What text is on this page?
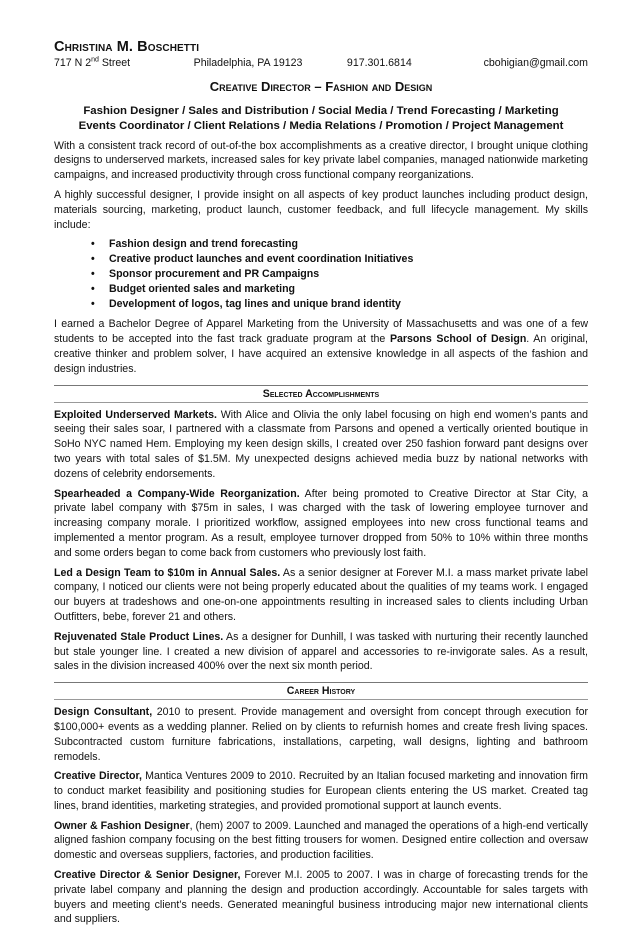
Christina M. Boschetti
717 N 2nd Street	Philadelphia, PA 19123	917.301.6814	cbohigian@gmail.com
Creative Director – Fashion and Design
Fashion Designer / Sales and Distribution / Social Media / Trend Forecasting / Marketing
Events Coordinator / Client Relations / Media Relations / Promotion / Project Management

With a consistent track record of out-of-the box accomplishments as a creative director, I brought unique clothing designs to underserved markets, increased sales for key private label companies, managed nationwide marketing campaigns, and increased productivity through cross functional company reorganizations.

A highly successful designer, I provide insight on all aspects of key product launches including product design, materials sourcing, marketing, product launch, customer feedback, and full lifecycle management. My skills include:

• Fashion design and trend forecasting
• Creative product launches and event coordination Initiatives
• Sponsor procurement and PR Campaigns
• Budget oriented sales and marketing
• Development of logos, tag lines and unique brand identity

I earned a Bachelor Degree of Apparel Marketing from the University of Massachusetts and was one of a few students to be accepted into the fast track graduate program at the Parsons School of Design. An original, creative thinker and problem solver, I have acquired an extensive knowledge in all aspects of the fashion and design industries.

Selected Accomplishments

Exploited Underserved Markets. With Alice and Olivia the only label focusing on high end women’s pants and seeing their sales soar, I partnered with a classmate from Parsons and opened a vertically oriented boutique in SoHo NYC named Hem. Employing my keen design skills, I created over 250 fashion forward pant designs over two years with total sales of $1.5M. My unexpected designs achieved media buzz by national networks with dozens of celebrity endorsements.

Spearheaded a Company-Wide Reorganization. After being promoted to Creative Director at Star City, a private label company with $75m in sales, I was charged with the task of lowering employee turnover and increasing company morale. I prioritized workflow, assigned employees into new cross functional teams and implemented a mentor program. As a result, employee turnover dropped from 50% to 10% within three months and some orders began to come back from customers who previously lost faith.

Led a Design Team to $10m in Annual Sales. As a senior designer at Forever M.I. a mass market private label company, I noticed our clients were not being properly educated about the qualities of my teams work. I engaged our buyers at tradeshows and one-on-one appointments resulting in increased sales to clients including Urban Outfitters, bebe, forever 21 and others.

Rejuvenated Stale Product Lines. As a designer for Dunhill, I was tasked with nurturing their recently launched but stale younger line. I created a new division of apparel and accessories to re-invigorate sales. As a result, sales in the division increased 400% over the next six month period.

Career History

Design Consultant, 2010 to present. Provide management and oversight from concept through execution for $100,000+ events as a wedding planner. Relied on by clients to refurnish homes and create fresh living spaces. Subcontracted custom furniture fabrications, installations, carpeting, wall designs, lighting and bathroom remodels.

Creative Director, Mantica Ventures 2009 to 2010. Recruited by an Italian focused marketing and innovation firm to conduct market feasibility and positioning studies for European clients entering the US market. Created tag lines, brand identities, marketing strategies, and provided promotional support at launch events.

Owner & Fashion Designer, (hem) 2007 to 2009. Launched and managed the operations of a high-end vertically aligned fashion company focusing on the best fitting trousers for women. Designed entire collection and oversaw domestic and overseas suppliers, factories, and production facilities.

Creative Director & Senior Designer, Forever M.I. 2005 to 2007. I was in charge of forecasting trends for the private label company and planning the design and production accordingly. Accountable for sales targets with buyers and meeting client’s needs. Generated meaningful business introducing major new international clients and suppliers.
